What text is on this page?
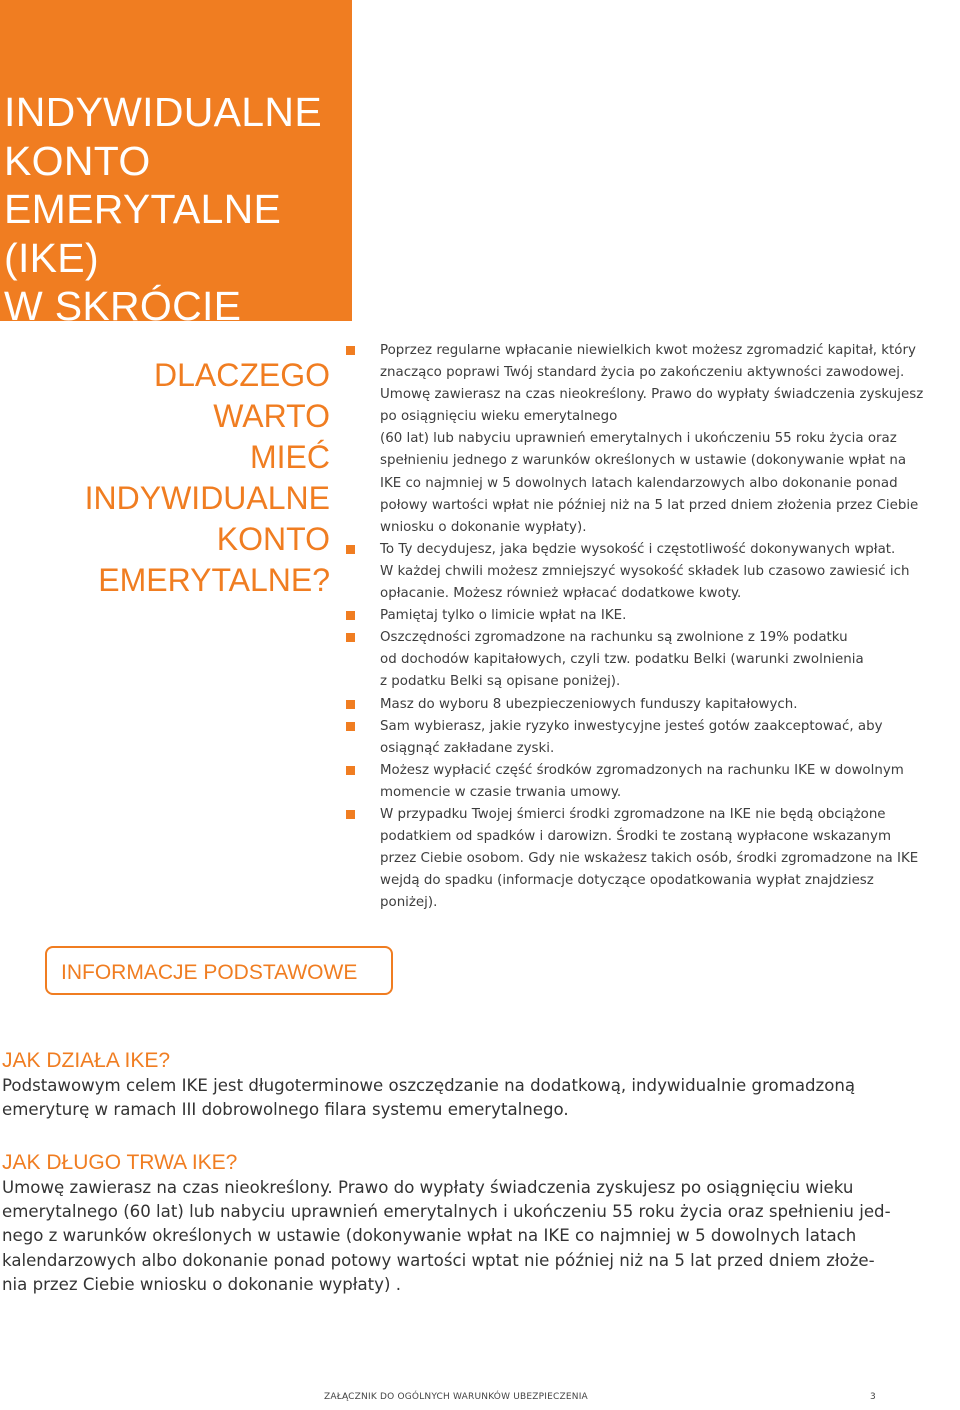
INDYWIDUALNE
KONTO
EMERYTALNE
(IKE)
W SKRÓCIE
DLACZEGO
WARTO
MIEĆ
INDYWIDUALNE
KONTO
EMERYTALNE?
Poprzez regularne wpłacanie niewielkich kwot możesz zgromadzić kapitał, który
znacząco poprawi Twój standard życia po zakończeniu aktywności zawodowej.
Umowę zawierasz na czas nieokreślony. Prawo do wypłaty świadczenia zyskujesz
po osiągnięciu wieku emerytalnego
(60 lat) lub nabyciu uprawnień emerytalnych i ukończeniu 55 roku życia oraz
spełnieniu jednego z warunków określonych w ustawie (dokonywanie wpłat na
IKE co najmniej w 5 dowolnych latach kalendarzowych albo dokonanie ponad
połowy wartości wpłat nie później niż na 5 lat przed dniem złożenia przez Ciebie
wniosku o dokonanie wypłaty).
To Ty decydujesz, jaka będzie wysokość i częstotliwość dokonywanych wpłat.
W każdej chwili możesz zmniejszyć wysokość składek lub czasowo zawiesić ich
opłacanie. Możesz również wpłacać dodatkowe kwoty.
Pamiętaj tylko o limicie wpłat na IKE.
Oszczędności zgromadzone na rachunku są zwolnione z 19% podatku
od dochodów kapitałowych, czyli tzw. podatku Belki (warunki zwolnienia
z podatku Belki są opisane poniżej).
Masz do wyboru 8 ubezpieczeniowych funduszy kapitałowych.
Sam wybierasz, jakie ryzyko inwestycyjne jesteś gotów zaakceptować, aby
osiągnąć zakładane zyski.
Możesz wypłacić część środków zgromadzonych na rachunku IKE w dowolnym
momencie w czasie trwania umowy.
W przypadku Twojej śmierci środki zgromadzone na IKE nie będą obciążone
podatkiem od spadków i darowizn. Środki te zostaną wypłacone wskazanym
przez Ciebie osobom. Gdy nie wskażesz takich osób, środki zgromadzone na IKE
wejdą do spadku (informacje dotyczące opodatkowania wypłat znajdziesz
poniżej).
INFORMACJE PODSTAWOWE
JAK DZIAŁA IKE?

Podstawowym celem IKE jest długoterminowe oszczędzanie na dodatkową, indywidualnie gromadzoną
emeryturę w ramach III dobrowolnego filara systemu emerytalnego.

JAK DŁUGO TRWA IKE?

Umowę zawierasz na czas nieokreślony. Prawo do wypłaty świadczenia zyskujesz po osiągnięciu wieku
emerytalnego (60 lat) lub nabyciu uprawnień emerytalnych i ukończeniu 55 roku życia oraz spełnieniu jed-
nego z warunków określonych w ustawie (dokonywanie wpłat na IKE co najmniej w 5 dowolnych latach
kalendarzowych albo dokonanie ponad potowy wartości wptat nie później niż na 5 lat przed dniem złoże-
nia przez Ciebie wniosku o dokonanie wypłaty) .

ZAŁĄCZNIK DO OGÓLNYCH WARUNKÓW UBEZPIECZENIA	3
